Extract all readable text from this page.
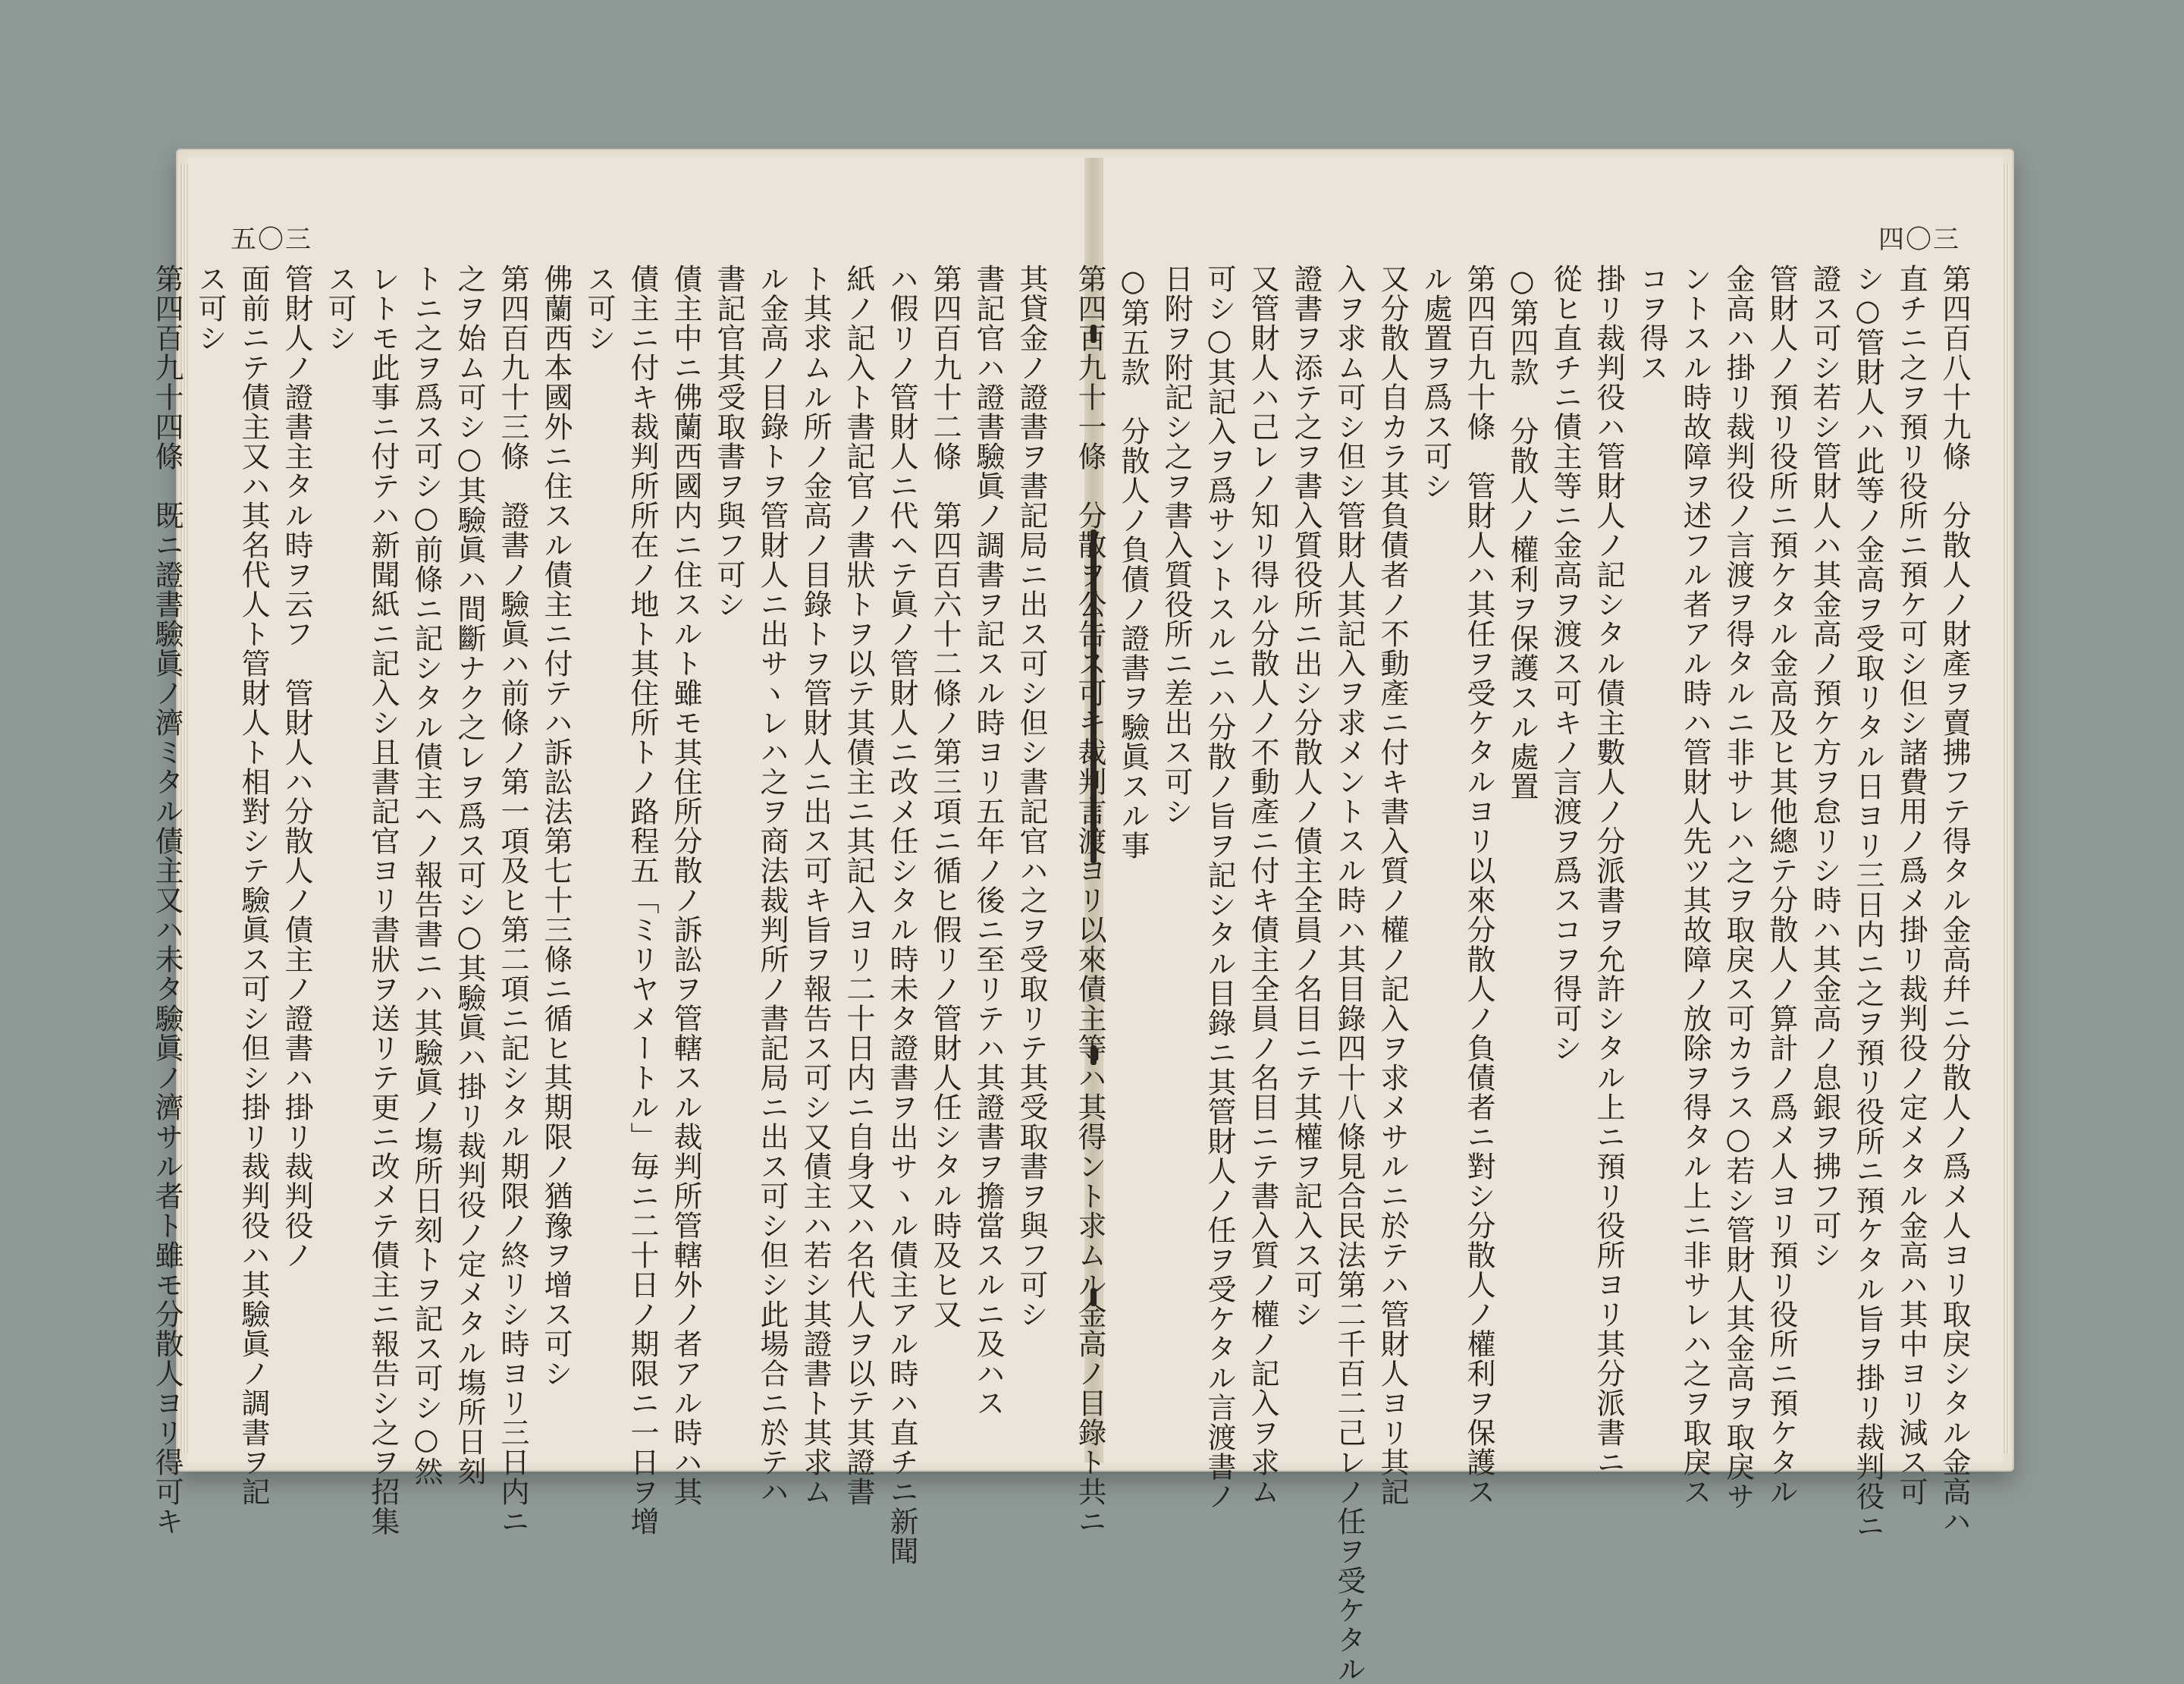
五〇三
其貸金ノ證書ヲ書記局ニ出ス可シ但シ書記官ハ之ヲ受取リテ其受取書ヲ與フ可シ
書記官ハ證書驗眞ノ調書ヲ記スル時ヨリ五年ノ後ニ至リテハ其證書ヲ擔當スルニ及ハス
第四百九十二條　第四百六十二條ノ第三項ニ循ヒ假リノ管財人任シタル時及ヒ又
ハ假リノ管財人ニ代ヘテ眞ノ管財人ニ改メ任シタル時未タ證書ヲ出サヽル債主アル時ハ直チニ新聞
紙ノ記入ト書記官ノ書狀トヲ以テ其債主ニ其記入ヨリ二十日内ニ自身又ハ名代人ヲ以テ其證書
ト其求ムル所ノ金高ノ目錄トヲ管財人ニ出ス可キ旨ヲ報告ス可シ又債主ハ若シ其證書ト其求ム
ル金高ノ目錄トヲ管財人ニ出サヽレハ之ヲ商法裁判所ノ書記局ニ出ス可シ但シ此場合ニ於テハ
書記官其受取書ヲ與フ可シ
債主中ニ佛蘭西國内ニ住スルト雖モ其住所分散ノ訴訟ヲ管轄スル裁判所管轄外ノ者アル時ハ其
債主ニ付キ裁判所所在ノ地ト其住所トノ路程五「ミリヤメートル」毎ニ二十日ノ期限ニ一日ヲ增
ス可シ
佛蘭西本國外ニ住スル債主ニ付テハ訴訟法第七十三條ニ循ヒ其期限ノ猶豫ヲ增ス可シ
第四百九十三條　證書ノ驗眞ハ前條ノ第一項及ヒ第二項ニ記シタル期限ノ終リシ時ヨリ三日内ニ
之ヲ始ム可シ○其驗眞ハ間斷ナク之レヲ爲ス可シ○其驗眞ハ掛リ裁判役ノ定メタル塲所日刻
トニ之ヲ爲ス可シ○前條ニ記シタル債主ヘノ報告書ニハ其驗眞ノ塲所日刻トヲ記ス可シ○然
レトモ此事ニ付テハ新聞紙ニ記入シ且書記官ヨリ書狀ヲ送リテ更ニ改メテ債主ニ報告シ之ヲ招集
ス可シ
管財人ノ證書主タル時ヲ云フ　管財人ハ分散人ノ債主ノ證書ハ掛リ裁判役ノ
面前ニテ債主又ハ其名代人ト管財人ト相對シテ驗眞ス可シ但シ掛リ裁判役ハ其驗眞ノ調書ヲ記
ス可シ
第四百九十四條　既ニ證書驗眞ノ濟ミタル債主又ハ未タ驗眞ノ濟サル者ト雖モ分散人ヨリ得可キ
四〇三
第四百八十九條　分散人ノ財產ヲ賣拂フテ得タル金高幷ニ分散人ノ爲メ人ヨリ取戾シタル金高ハ
直チニ之ヲ預リ役所ニ預ケ可シ但シ諸費用ノ爲メ掛リ裁判役ノ定メタル金高ハ其中ヨリ減ス可
シ○管財人ハ此等ノ金高ヲ受取リタル日ヨリ三日内ニ之ヲ預リ役所ニ預ケタル旨ヲ掛リ裁判役ニ
證ス可シ若シ管財人ハ其金高ノ預ケ方ヲ怠リシ時ハ其金高ノ息銀ヲ拂フ可シ
管財人ノ預リ役所ニ預ケタル金高及ヒ其他總テ分散人ノ算計ノ爲メ人ヨリ預リ役所ニ預ケタル
金高ハ掛リ裁判役ノ言渡ヲ得タルニ非サレハ之ヲ取戾ス可カラス○若シ管財人其金高ヲ取戾サ
ントスル時故障ヲ述フル者アル時ハ管財人先ツ其故障ノ放除ヲ得タル上ニ非サレハ之ヲ取戾ス
コヲ得ス
掛リ裁判役ハ管財人ノ記シタル債主數人ノ分派書ヲ允許シタル上ニ預リ役所ヨリ其分派書ニ
從ヒ直チニ債主等ニ金高ヲ渡ス可キノ言渡ヲ爲スコヲ得可シ
○第四款　分散人ノ權利ヲ保護スル處置
第四百九十條　管財人ハ其任ヲ受ケタルヨリ以來分散人ノ負債者ニ對シ分散人ノ權利ヲ保護ス
ル處置ヲ爲ス可シ
又分散人自カラ其負債者ノ不動產ニ付キ書入質ノ權ノ記入ヲ求メサルニ於テハ管財人ヨリ其記
入ヲ求ム可シ但シ管財人其記入ヲ求メントスル時ハ其目錄四十八條見合民法第二千百二己レノ任ヲ受ケタル
證書ヲ添テ之ヲ書入質役所ニ出シ分散人ノ債主全員ノ名目ニテ其權ヲ記入ス可シ
又管財人ハ己レノ知リ得ル分散人ノ不動產ニ付キ債主全員ノ名目ニテ書入質ノ權ノ記入ヲ求ム
可シ○其記入ヲ爲サントスルニハ分散ノ旨ヲ記シタル目錄ニ其管財人ノ任ヲ受ケタル言渡書ノ
日附ヲ附記シ之ヲ書入質役所ニ差出ス可シ
○第五款　分散人ノ負債ノ證書ヲ驗眞スル事
第四百九十一條　分散ヲ公告ス可キ裁判言渡ヨリ以來債主等ハ其得ント求ムル金高ノ目錄ト共ニ
